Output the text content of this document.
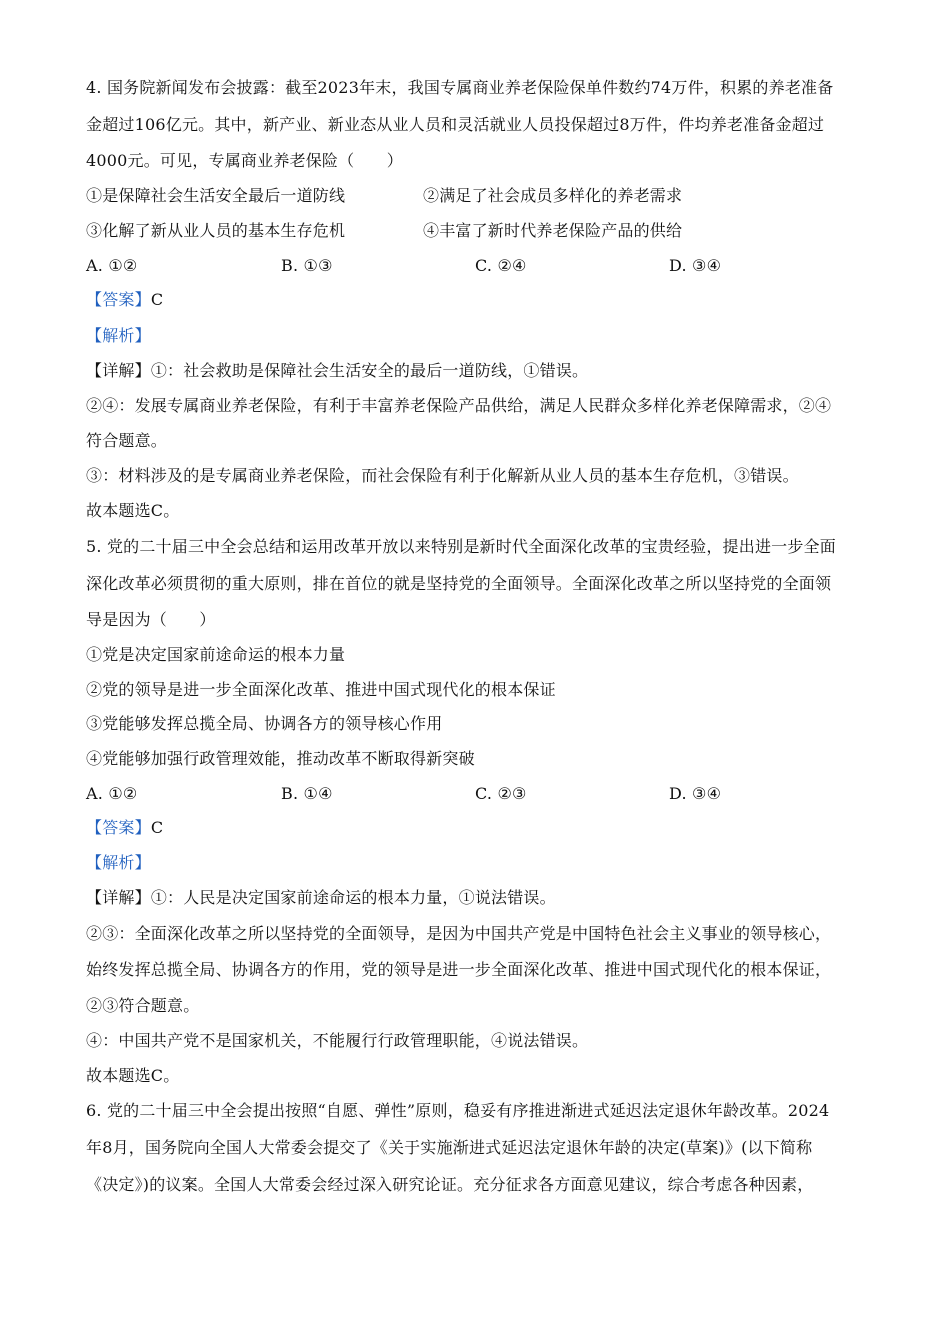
4. 国务院新闻发布会披露：截至2023年末，我国专属商业养老保险保单件数约74万件，积累的养老准备
金超过106亿元。其中，新产业、新业态从业人员和灵活就业人员投保超过8万件，件均养老准备金超过
4000元。可见，专属商业养老保险（　　）
①是保障社会生活安全最后一道防线	②满足了社会成员多样化的养老需求
③化解了新从业人员的基本生存危机	④丰富了新时代养老保险产品的供给
A. ①②	B. ①③	C. ②④	D. ③④
【答案】C
【解析】
【详解】①：社会救助是保障社会生活安全的最后一道防线，①错误。
②④：发展专属商业养老保险，有利于丰富养老保险产品供给，满足人民群众多样化养老保障需求，②④
符合题意。
③：材料涉及的是专属商业养老保险，而社会保险有利于化解新从业人员的基本生存危机，③错误。
故本题选C。
5. 党的二十届三中全会总结和运用改革开放以来特别是新时代全面深化改革的宝贵经验，提出进一步全面
深化改革必须贯彻的重大原则，排在首位的就是坚持党的全面领导。全面深化改革之所以坚持党的全面领
导是因为（　　）
①党是决定国家前途命运的根本力量
②党的领导是进一步全面深化改革、推进中国式现代化的根本保证
③党能够发挥总揽全局、协调各方的领导核心作用
④党能够加强行政管理效能，推动改革不断取得新突破
A. ①②	B. ①④	C. ②③	D. ③④
【答案】C
【解析】
【详解】①：人民是决定国家前途命运的根本力量，①说法错误。
②③：全面深化改革之所以坚持党的全面领导，是因为中国共产党是中国特色社会主义事业的领导核心，
始终发挥总揽全局、协调各方的作用，党的领导是进一步全面深化改革、推进中国式现代化的根本保证，
②③符合题意。
④：中国共产党不是国家机关，不能履行行政管理职能，④说法错误。
故本题选C。
6. 党的二十届三中全会提出按照“自愿、弹性”原则，稳妥有序推进渐进式延迟法定退休年龄改革。2024
年8月，国务院向全国人大常委会提交了《关于实施渐进式延迟法定退休年龄的决定(草案)》(以下简称
《决定》)的议案。全国人大常委会经过深入研究论证。充分征求各方面意见建议，综合考虑各种因素，
